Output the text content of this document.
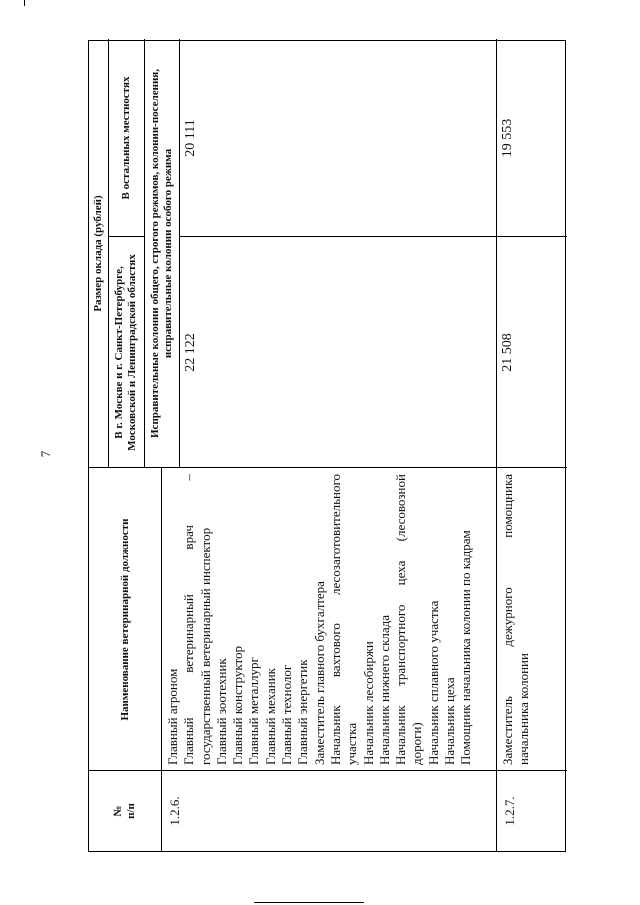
7
№
п/п
Наименование ветеринарной должности
Размер оклада (рублей)
В г. Москве и г. Санкт-Петербурге, Московской и Ленинградской областях
В остальных местностях	Исправительные колонии общего, строгого режимов, колонии-поселения, исправительные колонии особого режима
1.2.6.
Главный агроном Главный
ветеринарный
врач
–
государственный ветеринарный инспектор Главный зоотехник Главный конструктор Главный металлург Главный механик Главный технолог Главный энергетик Заместитель главного бухгалтера Начальник
вахтового
лесозаготовительного
участка Начальник лесобиржи Начальник нижнего склада Начальник
транспортного
цеха
(лесовозной
дороги) Начальник сплавного участка Начальник цеха Помощник начальника колонии по кадрам
22 122
20 111
1.2.7.
Заместитель
дежурного
помощника
начальника колонии
21 508
19 553
